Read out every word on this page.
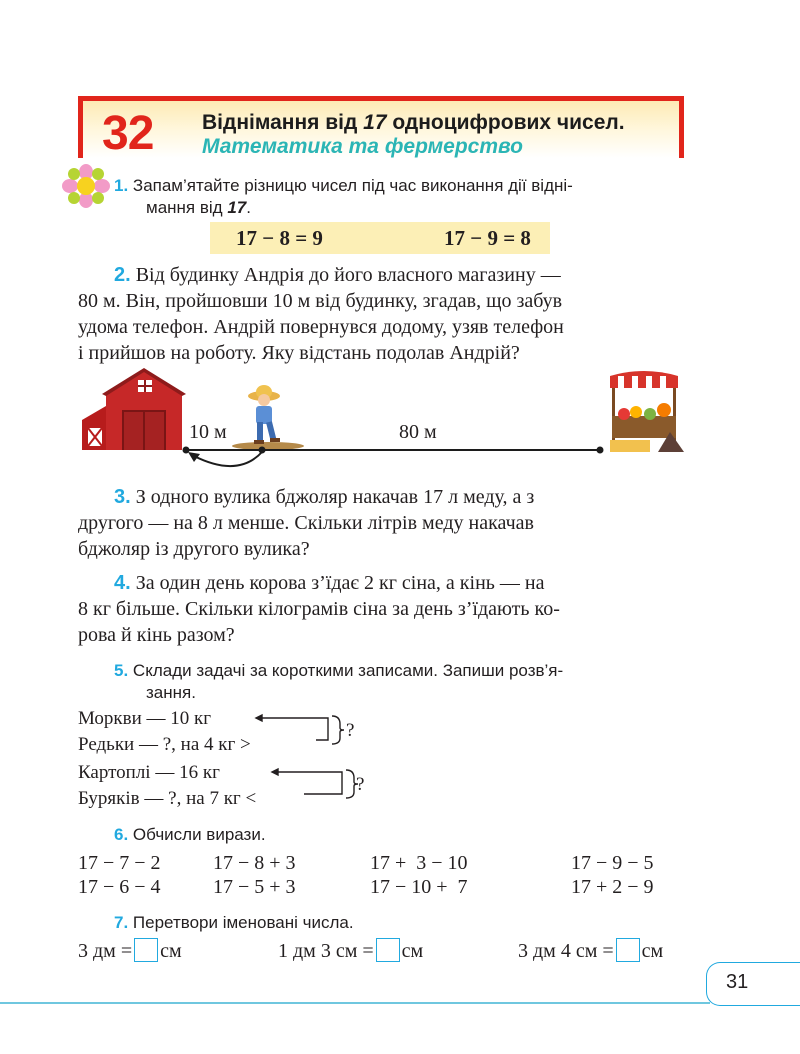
32 Віднімання від 17 одноцифрових чисел.
Математика та фермерство
1. Запам’ятайте різницю чисел під час виконання дії відні-
мання від 17.
17 − 8 = 9	17 − 9 = 8
2. Від будинку Андрія до його власного магазину —
80 м. Він, пройшовши 10 м від будинку, згадав, що забув
удома телефон. Андрій повернувся додому, узяв телефон
і прийшов на роботу. Яку відстань подолав Андрій?
10 м	80 м
3. З одного вулика бджоляр накачав 17 л меду, а з
другого — на 8 л менше. Скільки літрів меду накачав
бджоляр із другого вулика?
4. За один день корова з’їдає 2 кг сіна, а кінь — на
8 кг більше. Скільки кілограмів сіна за день з’їдають ко-
рова й кінь разом?
5. Склади задачі за короткими записами. Запиши розв’я-
зання.
Моркви — 10 кг
Редьки — ?, на 4 кг >
Картоплі — 16 кг
Буряків — ?, на 7 кг <
?
?
6. Обчисли вирази.
17 − 7 − 2	17 − 8 + 3	17 +  3 − 10	17 − 9 − 5
17 − 6 − 4	17 − 5 + 3	17 − 10 +  7	17 + 2 − 9
7. Перетвори іменовані числа.
3 дм = см	1 дм 3 см = см	3 дм 4 см = см
31
